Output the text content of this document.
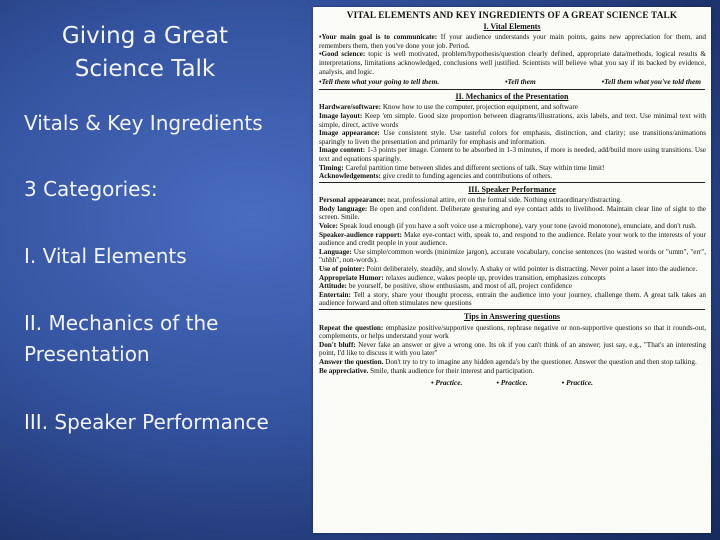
Giving a Great
Science Talk
Vitals & Key Ingredients
3 Categories:
I. Vital Elements
II. Mechanics of the
Presentation
III. Speaker Performance
VITAL ELEMENTS AND KEY INGREDIENTS OF A GREAT SCIENCE TALK
I. Vital Elements
•Your main goal is to communicate: If your audience understands your main points, gains new appreciation for them, and remembers them, then you've done your job. Period.
•Good science: topic is well motivated, problem/hypothesis/question clearly defined, appropriate data/methods, logical results & interpretations, limitations acknowledged, conclusions well justified. Scientists will believe what you say if its backed by evidence, analysis, and logic.
•Tell them what your going to tell them.	•Tell them	•Tell them what you've told them
II. Mechanics of the Presentation
Hardware/software: Know how to use the computer, projection equipment, and software
Image layout: Keep 'em simple. Good size proportion between diagrams/illustrations, axis labels, and text. Use minimal text with simple, direct, active words
Image appearance: Use consistent style. Use tasteful colors for emphasis, distinction, and clarity; use transitions/animations sparingly to liven the presentation and primarily for emphasis and information.
Image content: 1-3 points per image. Content to be absorbed in 1-3 minutes, if more is needed, add/build more using transitions. Use text and equations sparingly.
Timing: Careful partition time between slides and different sections of talk. Stay within time limit!
Acknowledgements: give credit to funding agencies and contributions of others.
III. Speaker Performance
Personal appearance: neat, professional attire, err on the formal side. Nothing extraordinary/distracting.
Body language: Be open and confident. Deliberate gesturing and eye contact adds to livelihood. Maintain clear line of sight to the screen. Smile.
Voice: Speak loud enough (if you have a soft voice use a microphone), vary your tone (avoid monotone), enunciate, and don't rush.
Speaker-audience rapport: Make eye-contact with, speak to, and respond to the audience. Relate your work to the interests of your audience and credit people in your audience.
Language: Use simple/common words (minimize jargon), accurate vocabulary, concise sentences (no wasted words or "umm", "err", "uhhh", non-words).
Use of pointer: Point deliberately, steadily, and slowly. A shaky or wild pointer is distracting. Never point a laser into the audience.
Appropriate Humor: relaxes audience, wakes people up, provides transition, emphasizes concepts
Attitude: be yourself, be positive, show enthusiasm, and most of all, project confidence
Entertain: Tell a story, share your thought process, entrain the audience into your journey, challenge them. A great talk takes an audience forward and often stimulates new questions
Tips in Answering questions
Repeat the question: emphasize positive/supportive questions, rephrase negative or non-supportive questions so that it rounds-out, complements, or helps understand your work
Don't bluff: Never fake an answer or give a wrong one. Its ok if you can't think of an answer; just say, e.g., "That's an interesting point, I'd like to discuss it with you later"
Answer the question. Don't try to try to imagine any hidden agenda's by the questioner. Answer the question and then stop talking.
Be appreciative. Smile, thank audience for their interest and participation.
• Practice.	• Practice.	• Practice.
